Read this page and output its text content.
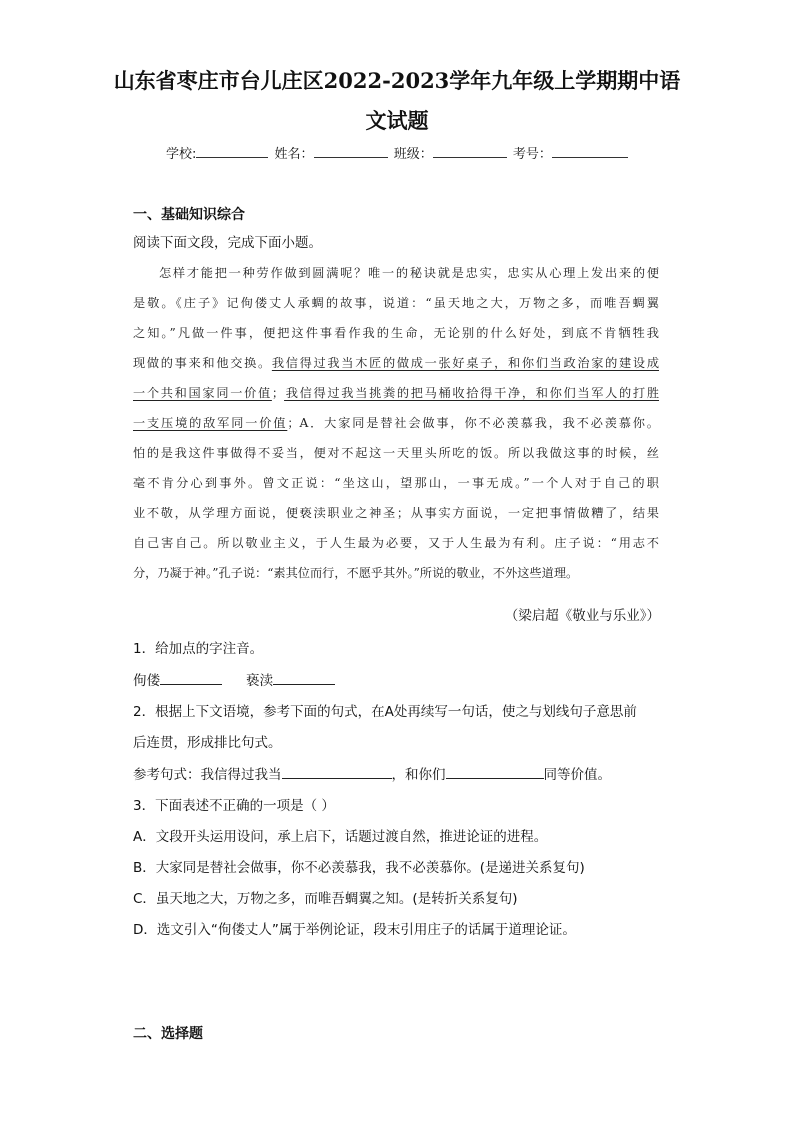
山东省枣庄市台儿庄区2022-2023学年九年级上学期期中语
文试题
学校:	姓名：	班级：	考号：
一、基础知识综合
阅读下面文段，完成下面小题。
怎样才能把一种劳作做到圆满呢？唯一的秘诀就是忠实，忠实从心理上发出来的便
是敬。《庄子》记佝偻丈人承蜩的故事，说道：“虽天地之大，万物之多，而唯吾蜩翼
之知。”凡做一件事，便把这件事看作我的生命，无论别的什么好处，到底不肯牺牲我
现做的事来和他交换。我信得过我当木匠的做成一张好桌子，和你们当政治家的建设成
一个共和国家同一价值；我信得过我当挑粪的把马桶收拾得干净，和你们当军人的打胜
一支压境的敌军同一价值；A．大家同是替社会做事，你不必羡慕我，我不必羡慕你。
怕的是我这件事做得不妥当，便对不起这一天里头所吃的饭。所以我做这事的时候，丝
毫不肯分心到事外。曾文正说：“坐这山，望那山，一事无成。”一个人对于自己的职
业不敬，从学理方面说，便亵渎职业之神圣；从事实方面说，一定把事情做糟了，结果
自己害自己。所以敬业主义，于人生最为必要，又于人生最为有利。庄子说：“用志不
分，乃凝于神。”孔子说：“素其位而行，不愿乎其外。”所说的敬业，不外这些道理。
（梁启超《敬业与乐业》）
1．给加点的字注音。
佝偻	亵渎
2．根据上下文语境，参考下面的句式，在A处再续写一句话，使之与划线句子意思前
后连贯，形成排比句式。
参考句式：我信得过我当	，和你们	同等价值。
3．下面表述不正确的一项是（ ）
A．文段开头运用设问，承上启下，话题过渡自然，推进论证的进程。
B．大家同是替社会做事，你不必羡慕我，我不必羡慕你。(是递进关系复句)
C．虽天地之大，万物之多，而唯吾蜩翼之知。(是转折关系复句)
D．选文引入“佝偻丈人”属于举例论证，段末引用庄子的话属于道理论证。
二、选择题
